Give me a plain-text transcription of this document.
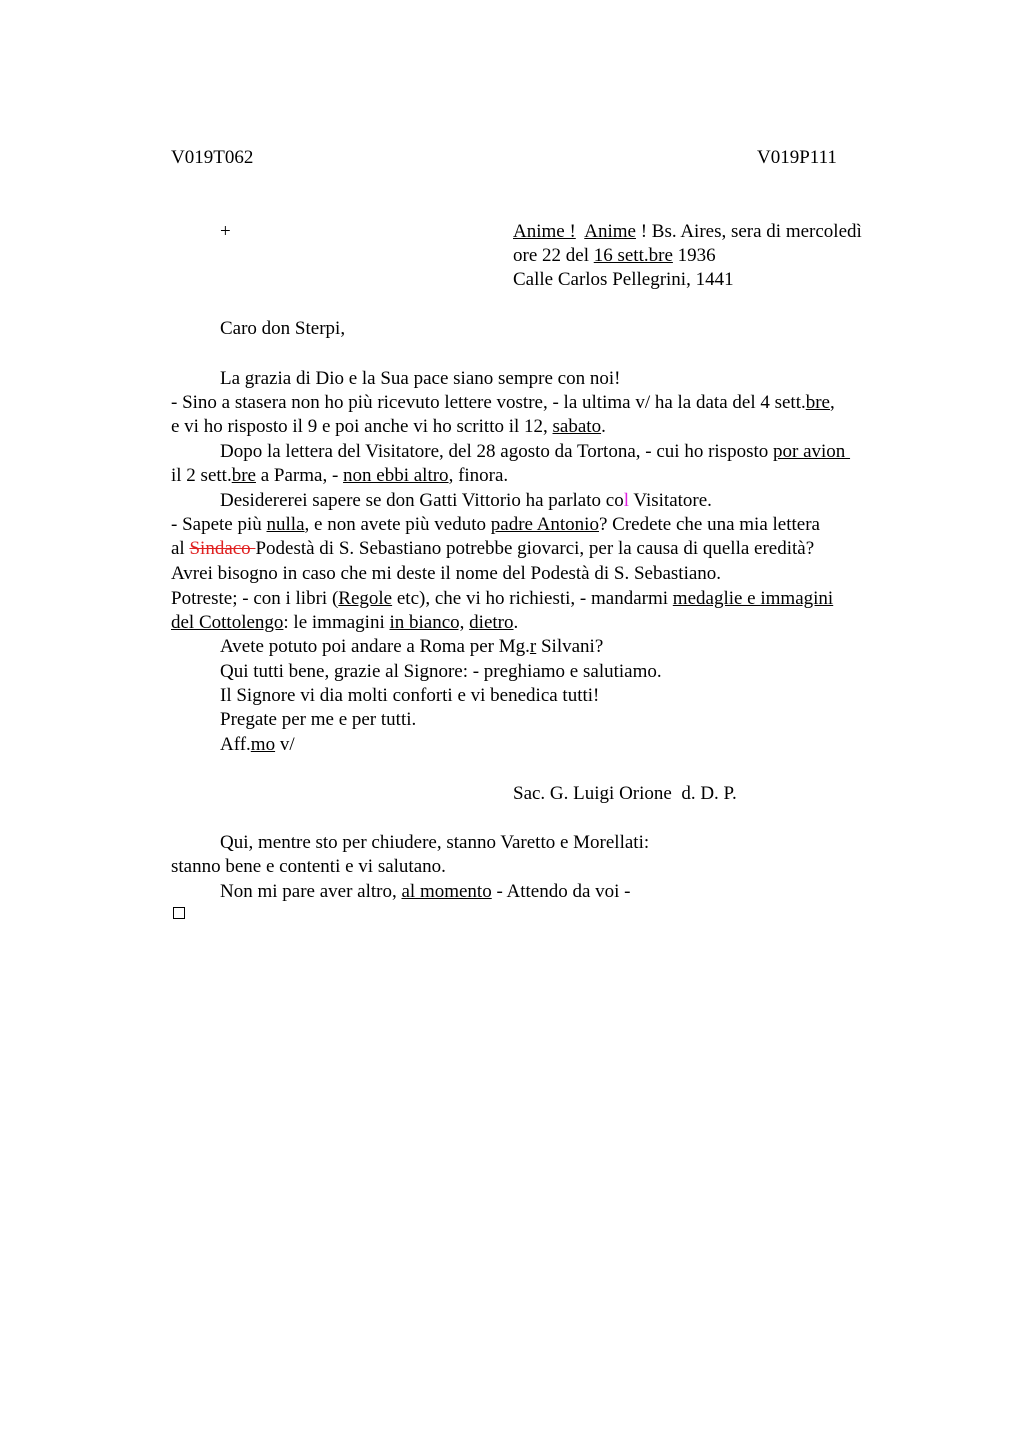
V019T062	V019P111
+	Anime ! Anime ! Bs. Aires, sera di mercoledì
ore 22 del 16 sett.bre 1936
Calle Carlos Pellegrini, 1441
Caro don Sterpi,
La grazia di Dio e la Sua pace siano sempre con noi!
- Sino a stasera non ho più ricevuto lettere vostre, - la ultima v/ ha la data del 4 sett.bre,
e vi ho risposto il 9 e poi anche vi ho scritto il 12, sabato.
Dopo la lettera del Visitatore, del 28 agosto da Tortona, - cui ho risposto por avion
il 2 sett.bre a Parma, - non ebbi altro, finora.
Desidererei sapere se don Gatti Vittorio ha parlato col Visitatore.
- Sapete più nulla, e non avete più veduto padre Antonio? Credete che una mia lettera
al Sindaco Podestà di S. Sebastiano potrebbe giovarci, per la causa di quella eredità?
Avrei bisogno in caso che mi deste il nome del Podestà di S. Sebastiano.
Potreste; - con i libri (Regole etc), che vi ho richiesti, - mandarmi medaglie e immagini
del Cottolengo: le immagini in bianco, dietro.
Avete potuto poi andare a Roma per Mg.r Silvani?
Qui tutti bene, grazie al Signore: - preghiamo e salutiamo.
Il Signore vi dia molti conforti e vi benedica tutti!
Pregate per me e per tutti.
Aff.mo v/
Sac. G. Luigi Orione  d. D. P.
Qui, mentre sto per chiudere, stanno Varetto e Morellati:
stanno bene e contenti e vi salutano.
Non mi pare aver altro, al momento - Attendo da voi -
